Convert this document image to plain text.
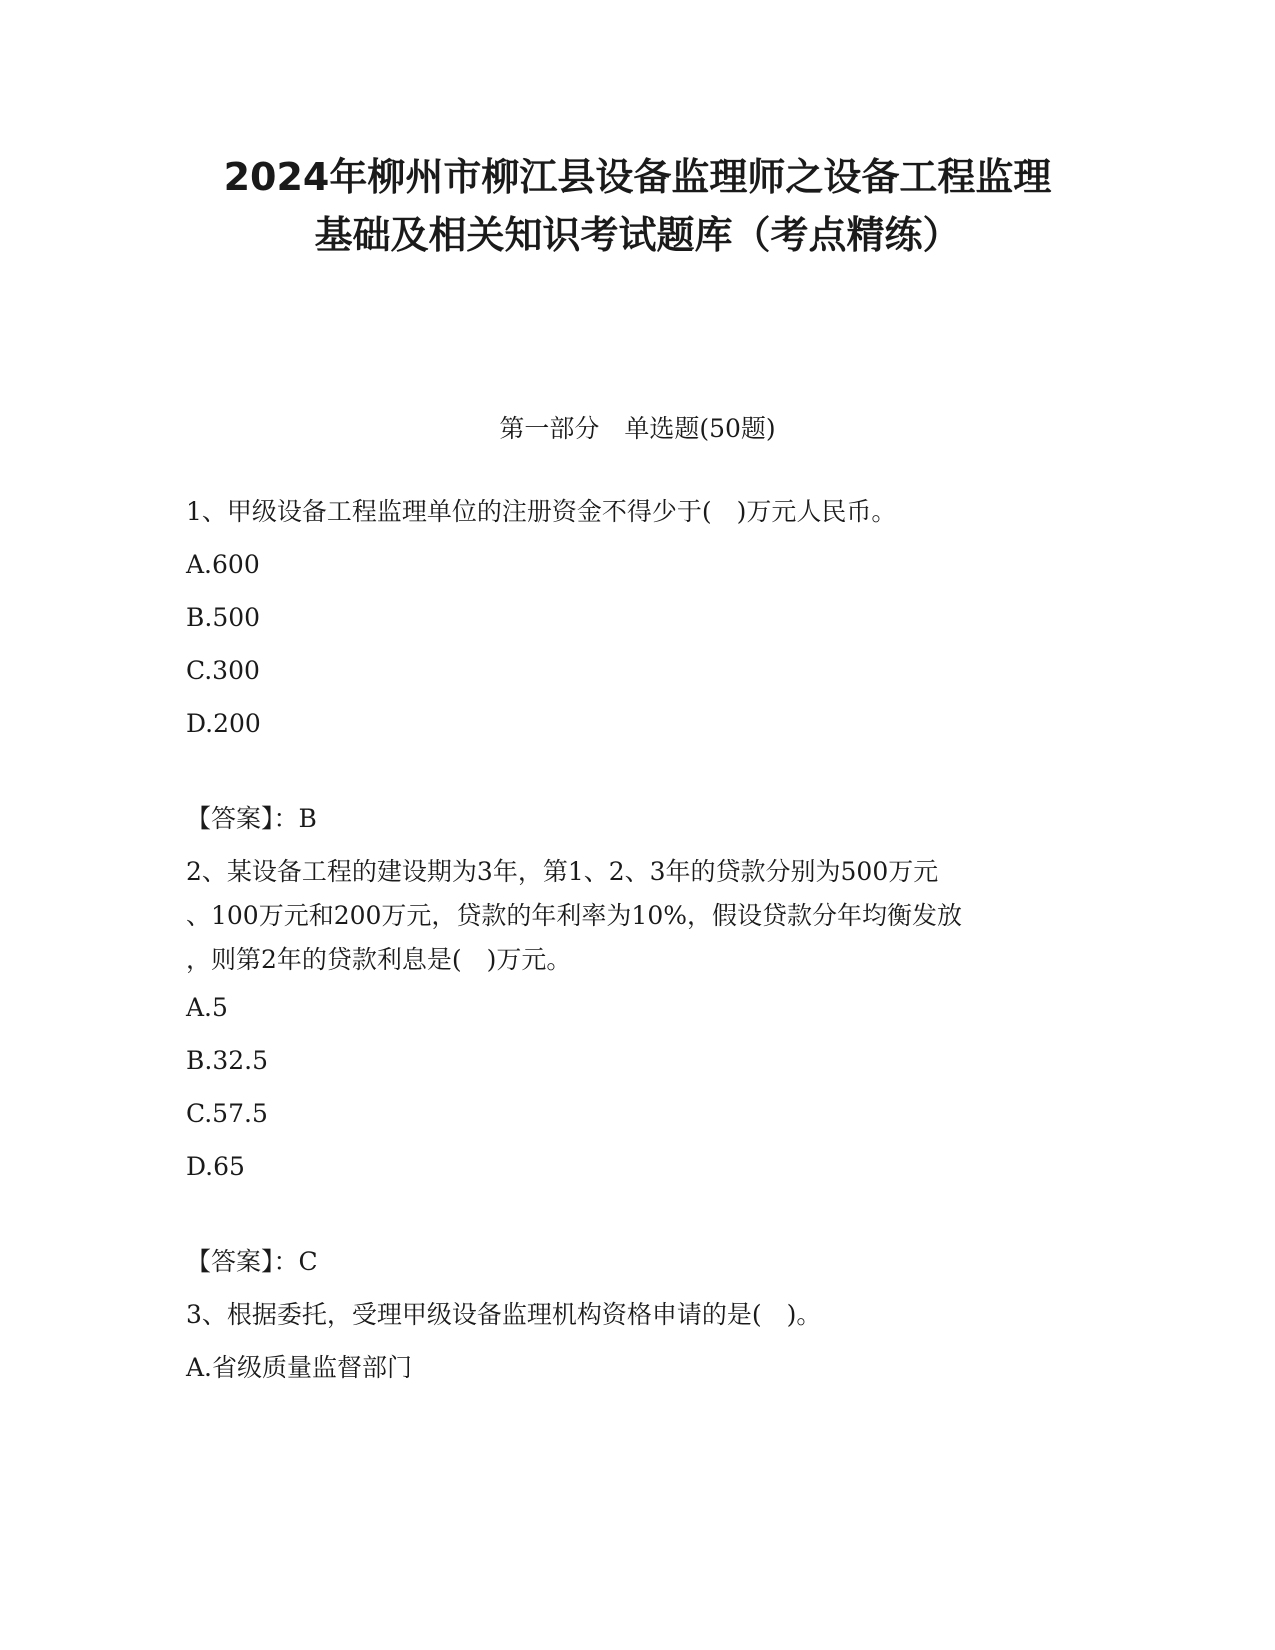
2024年柳州市柳江县设备监理师之设备工程监理
基础及相关知识考试题库（考点精练）
第一部分　单选题(50题)
1、甲级设备工程监理单位的注册资金不得少于(　)万元人民币。
A.600
B.500
C.300
D.200
【答案】：B
2、某设备工程的建设期为3年，第1、2、3年的贷款分别为500万元
、100万元和200万元，贷款的年利率为10%，假设贷款分年均衡发放
，则第2年的贷款利息是(　)万元。
A.5
B.32.5
C.57.5
D.65
【答案】：C
3、根据委托，受理甲级设备监理机构资格申请的是(　)。
A.省级质量监督部门
